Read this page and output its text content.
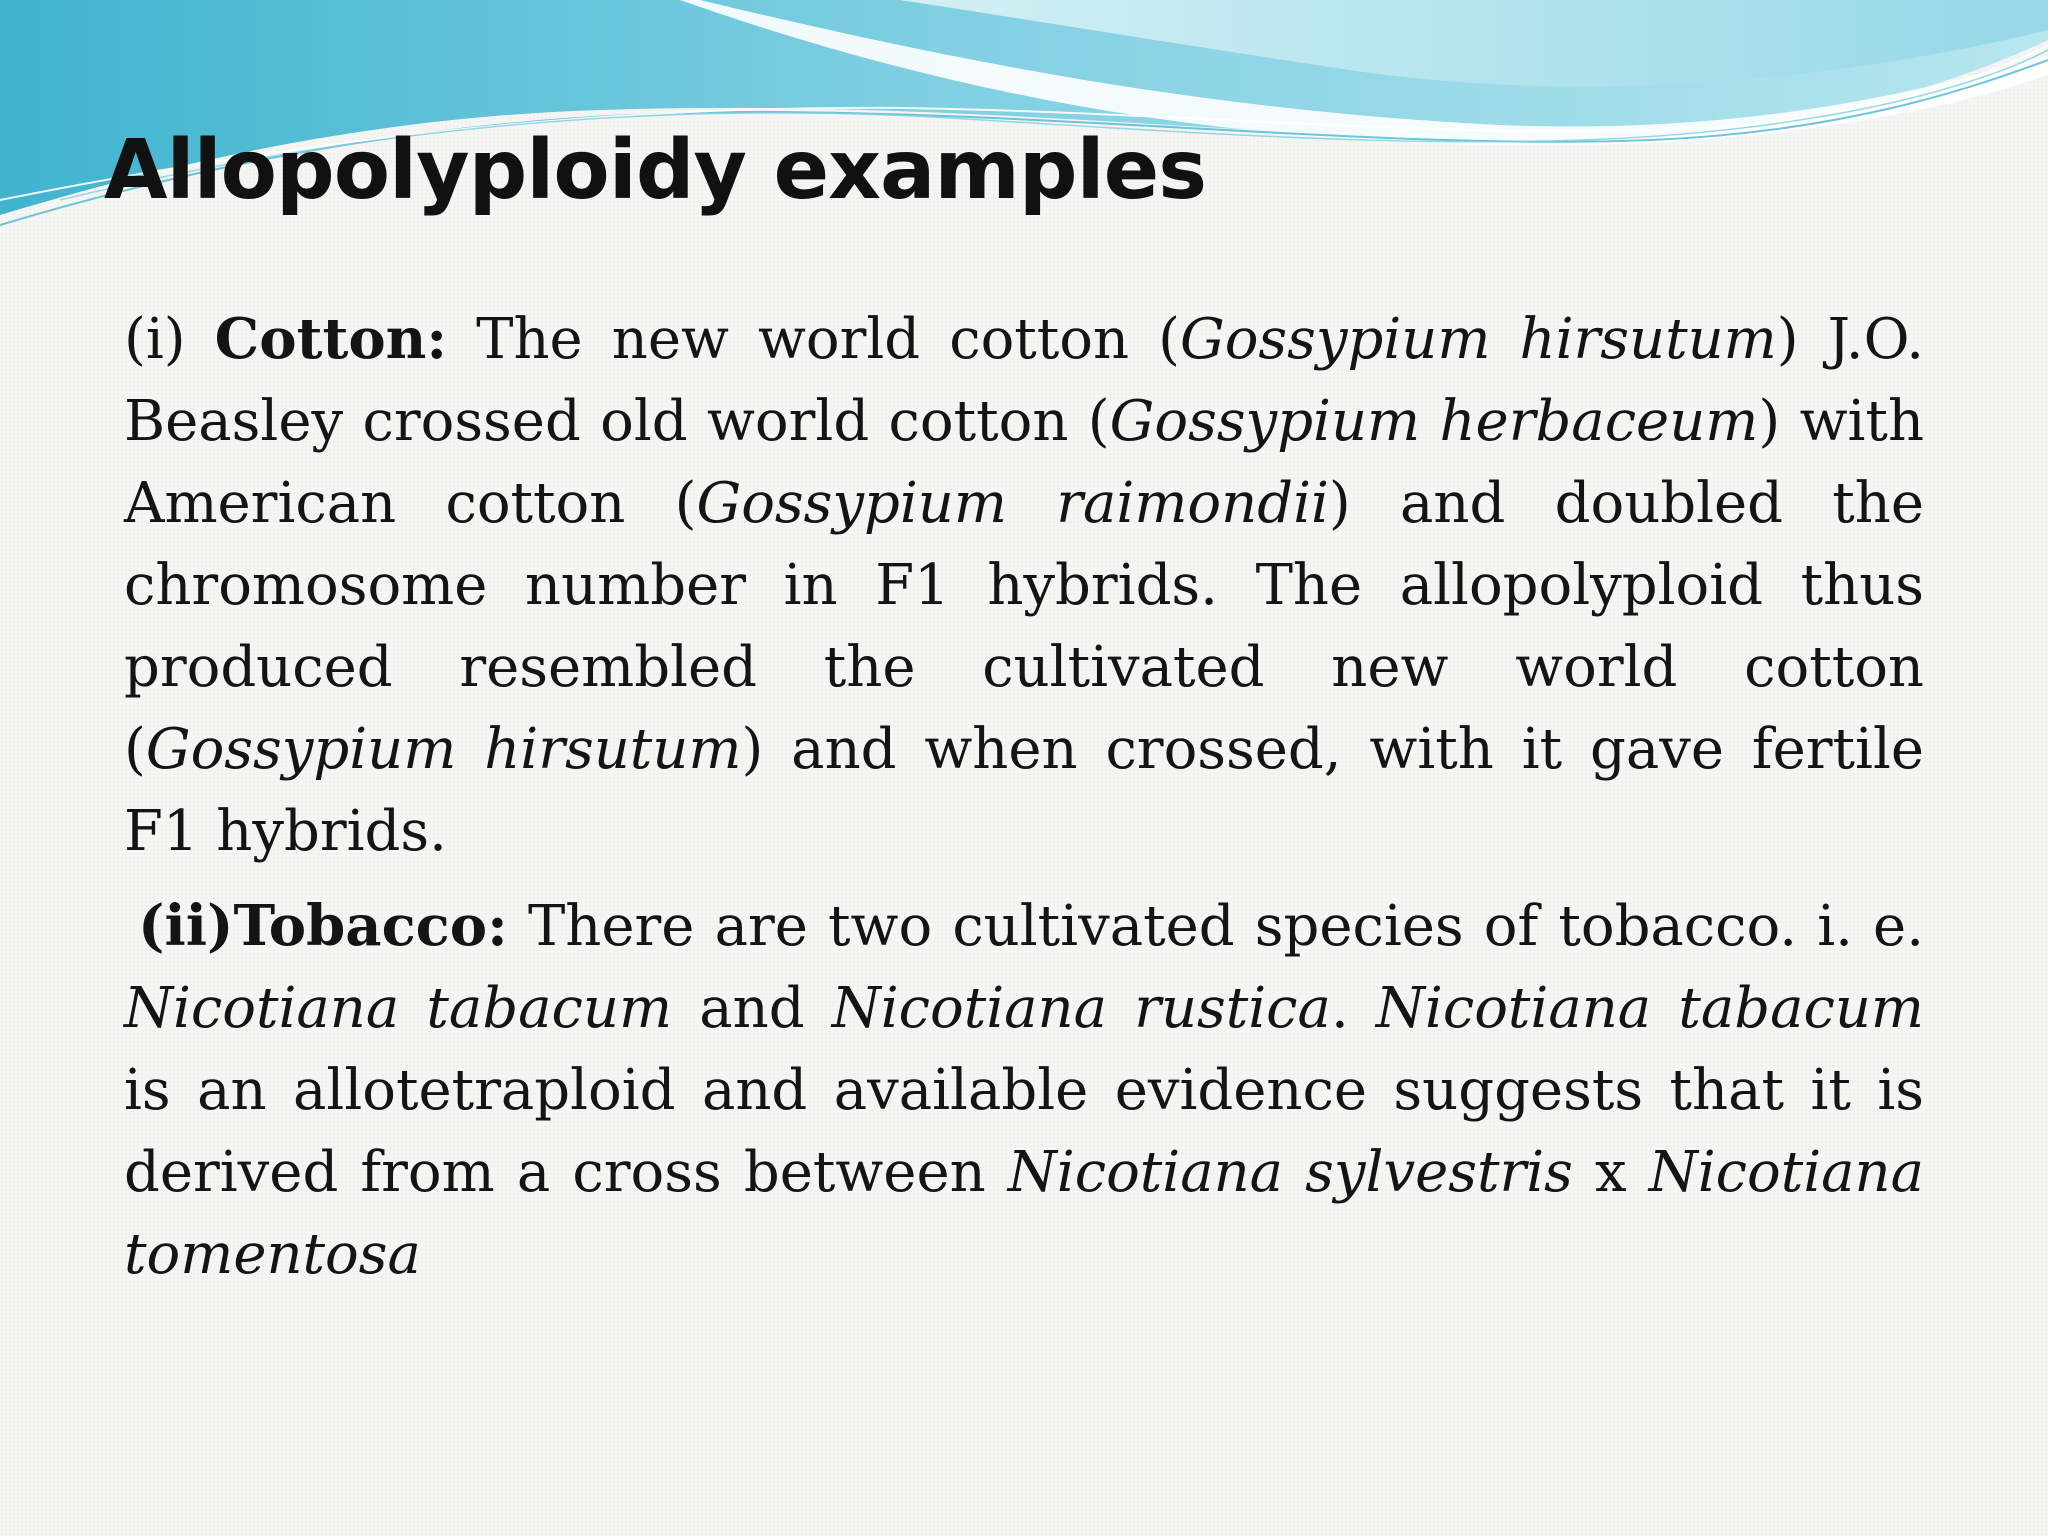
Allopolyploidy examples

(i) Cotton: The new world cotton (Gossypium hirsutum) J.O. Beasley crossed old world cotton (Gossypium herbaceum) with American cotton (Gossypium raimondii) and doubled the chromosome number in F1 hybrids. The allopolyploid thus produced resembled the cultivated new world cotton (Gossypium hirsutum) and when crossed, with it gave fertile F1 hybrids.

(ii)Tobacco: There are two cultivated species of tobacco. i. e. Nicotiana tabacum and Nicotiana rustica. Nicotiana tabacum is an allotetraploid and available evidence suggests that it is derived from a cross between Nicotiana sylvestris x Nicotiana tomentosa
